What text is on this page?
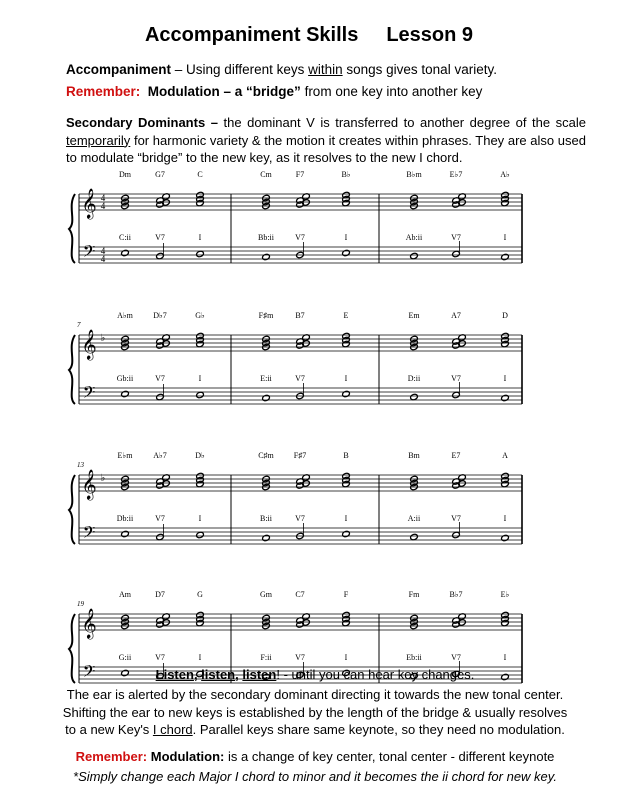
Accompaniment Skills Lesson 9
Accompaniment – Using different keys within songs gives tonal variety.
Remember: Modulation – a “bridge” from one key into another key
Secondary Dominants – the dominant V is transferred to another degree of the scale temporarily for harmonic variety & the motion it creates within phrases. They are also used to modulate “bridge” to the new key, as it resolves to the new I chord.
𝄞
𝄢
4
4
4
4
Dm
C:ii
G7
V7
C
I
Cm
Bb:ii
F7
V7
B♭
I
B♭m
Ab:ii
E♭7
V7
A♭
I
𝄞
𝄢
7
♭
A♭m
Gb:ii
D♭7
V7
G♭
I
F♯m
E:ii
B7
V7
E
I
Em
D:ii
A7
V7
D
I
𝄞
𝄢
13
♭
E♭m
Db:ii
A♭7
V7
D♭
I
C♯m
B:ii
F♯7
V7
B
I
Bm
A:ii
E7
V7
A
I
𝄞
𝄢
19
Am
G:ii
D7
V7
G
I
Gm
F:ii
C7
V7
F
I
Fm
Eb:ii
B♭7
V7
E♭
I
Listen, listen, listen! - until you can hear key changes.
The ear is alerted by the secondary dominant directing it towards the new tonal center.
Shifting the ear to new keys is established by the length of the bridge & usually resolves
to a new Key's I chord. Parallel keys share same keynote, so they need no modulation.
Remember: Modulation: is a change of key center, tonal center - different keynote
*Simply change each Major I chord to minor and it becomes the ii chord for new key.
